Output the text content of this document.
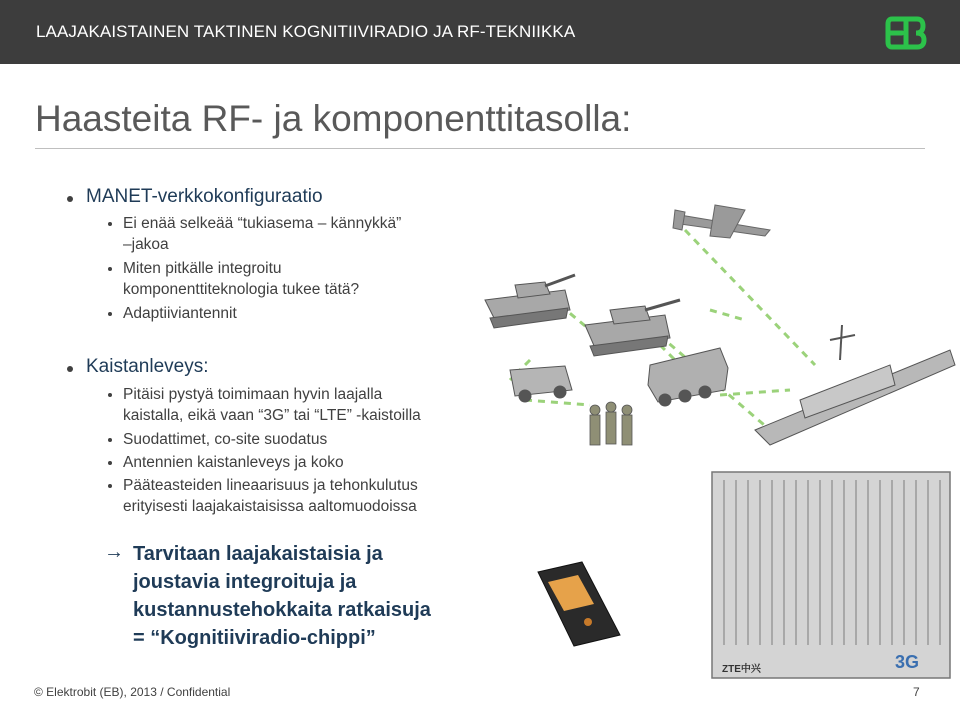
LAAJAKAISTAINEN TAKTINEN KOGNITIIVIRADIO JA RF-TEKNIIKKA
Haasteita RF- ja komponenttitasolla:
MANET-verkkokonfiguraatio
Ei enää selkeää “tukiasema – kännykkä”
–jakoa
Miten pitkälle integroitu
komponenttiteknologia tukee tätä?
Adaptiiviantennit
Kaistanleveys:
Pitäisi pystyä toimimaan hyvin laajalla
kaistalla, eikä vaan “3G” tai “LTE” -kaistoilla
Suodattimet, co-site suodatus
Antennien kaistanleveys ja koko
Pääteasteiden lineaarisuus ja tehonkulutus
erityisesti laajakaistaisissa aaltomuodoissa
→ Tarvitaan laajakaistaisia ja
joustavia integroituja ja
kustannustehokkaita ratkaisuja
= “Kognitiiviradio-chippi”
ZTE中兴	3G
© Elektrobit (EB), 2013 / Confidential	7
